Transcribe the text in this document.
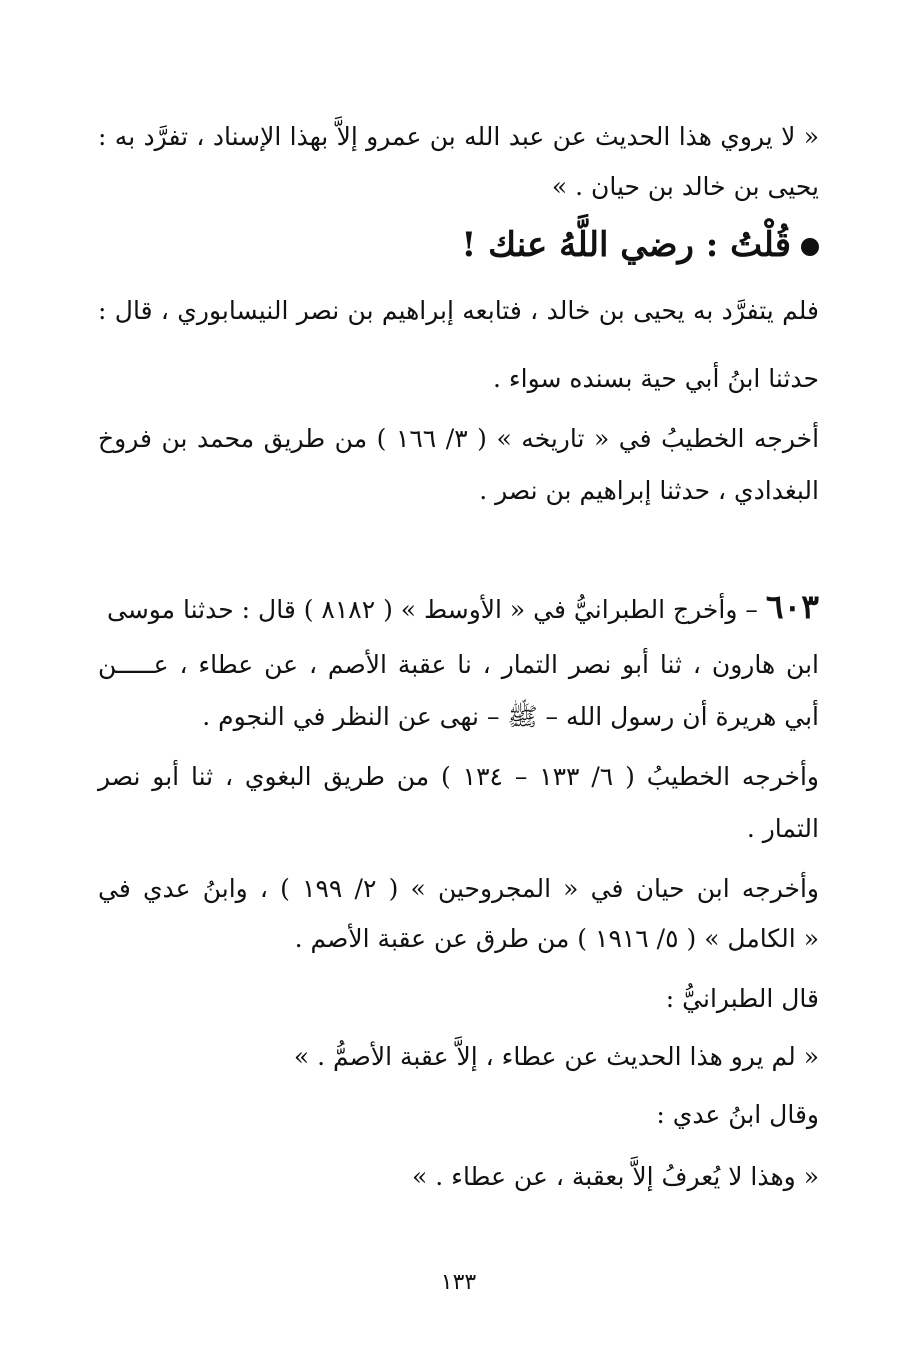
« لا يروي هذا الحديث عن عبد الله بن عمرو إلاَّ بهذا الإسناد ، تفرَّد به :
يحيى بن خالد بن حيان . »
قُلْتُ : رضي اللَّهُ عنك !
فلم يتفرَّد به يحيى بن خالد ، فتابعه إبراهيم بن نصر النيسابوري ، قال :
حدثنا ابنُ أبي حية بسنده سواء .
أخرجه الخطيبُ في « تاريخه » ( ٣/ ١٦٦ ) من طريق محمد بن فروخ
البغدادي ، حدثنا إبراهيم بن نصر .
٦٠٣ – وأخرج الطبرانيُّ في « الأوسط » ( ٨١٨٢ ) قال : حدثنا موسى
ابن هارون ، ثنا أبو نصر التمار ، نا عقبة الأصم ، عن عطاء ، عـــــن
أبي هريرة أن رسول الله – ﷺ – نهى عن النظر في النجوم .
وأخرجه الخطيبُ ( ٦/ ١٣٣ – ١٣٤ ) من طريق البغوي ، ثنا أبو نصر
التمار .
وأخرجه ابن حيان في « المجروحين » ( ٢/ ١٩٩ ) ، وابنُ عدي في
« الكامل » ( ٥/ ١٩١٦ ) من طرق عن عقبة الأصم .
قال الطبرانيُّ :
« لم يرو هذا الحديث عن عطاء ، إلاَّ عقبة الأصمُّ . »
وقال ابنُ عدي :
« وهذا لا يُعرفُ إلاَّ بعقبة ، عن عطاء . »
١٣٣
